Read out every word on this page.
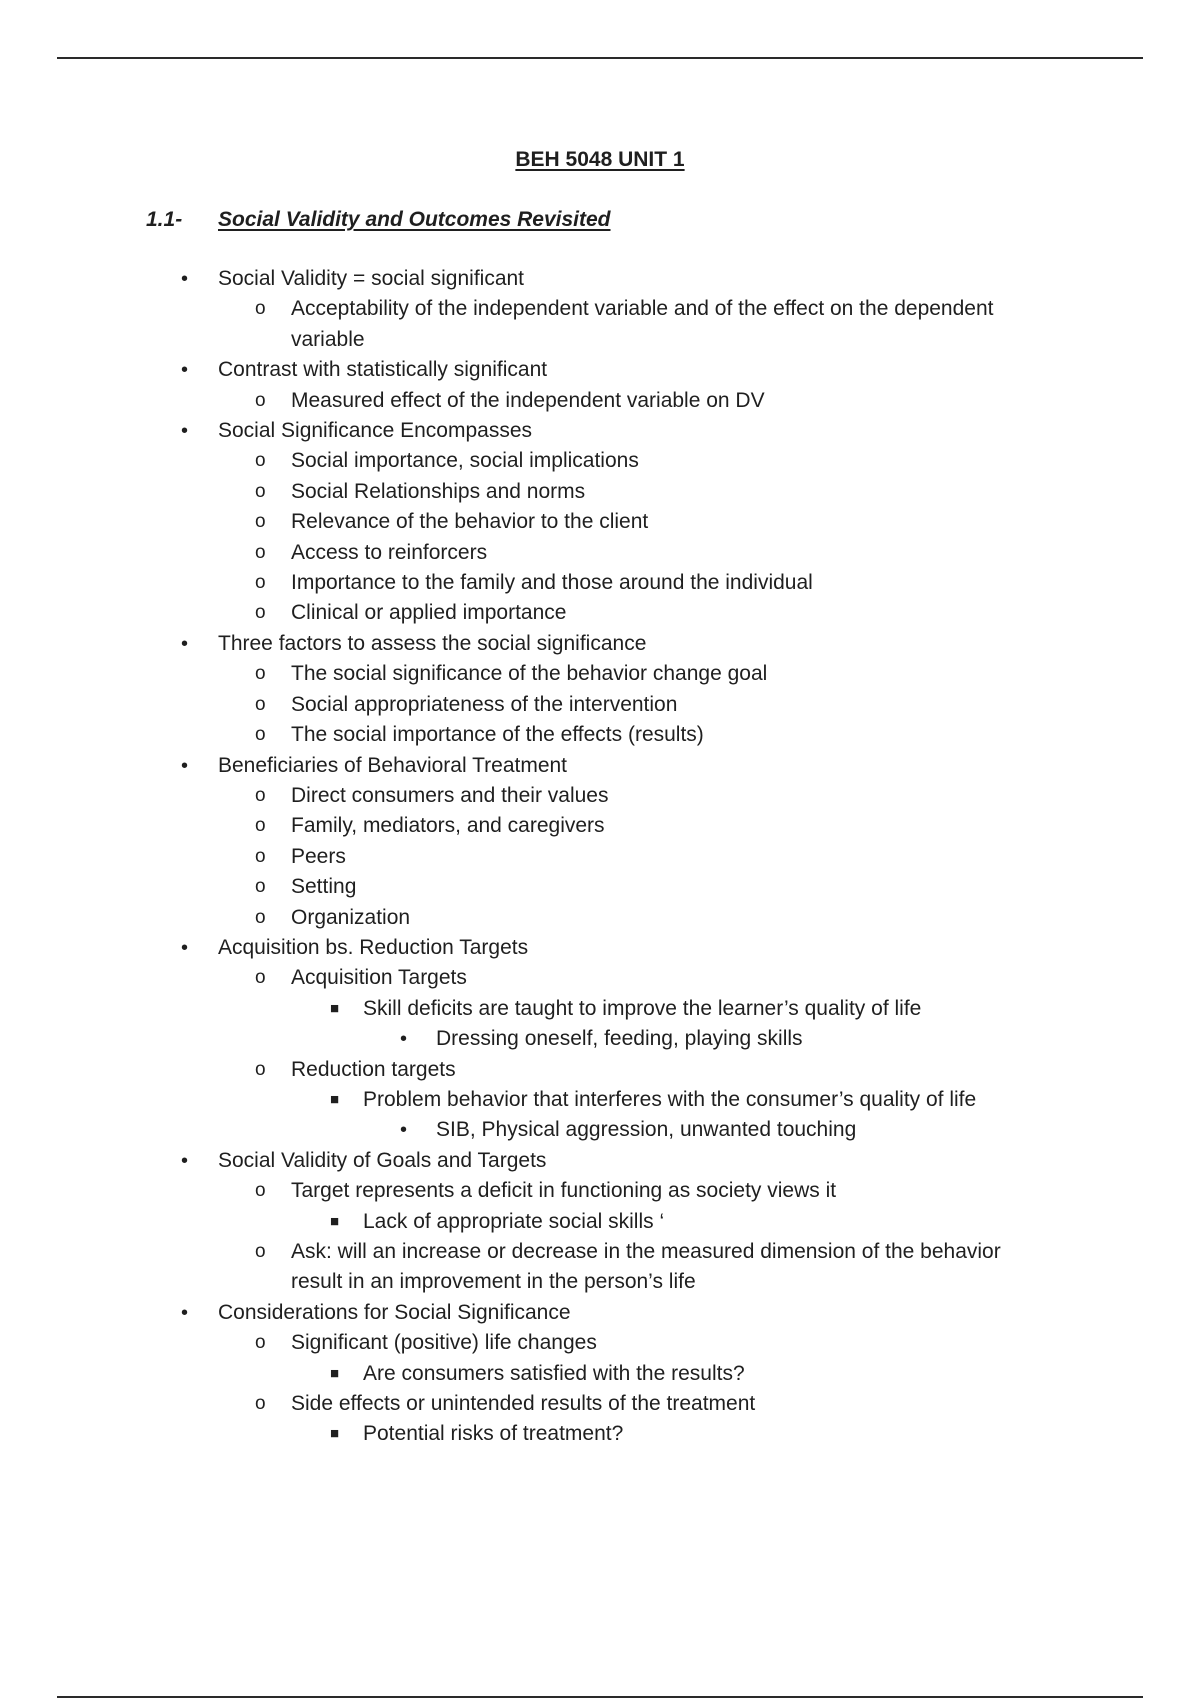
BEH 5048 UNIT 1
1.1- Social Validity and Outcomes Revisited
• Social Validity = social significant
o Acceptability of the independent variable and of the effect on the dependent variable
• Contrast with statistically significant
o Measured effect of the independent variable on DV
• Social Significance Encompasses
o Social importance, social implications
o Social Relationships and norms
o Relevance of the behavior to the client
o Access to reinforcers
o Importance to the family and those around the individual
o Clinical or applied importance
• Three factors to assess the social significance
o The social significance of the behavior change goal
o Social appropriateness of the intervention
o The social importance of the effects (results)
• Beneficiaries of Behavioral Treatment
o Direct consumers and their values
o Family, mediators, and caregivers
o Peers
o Setting
o Organization
• Acquisition bs. Reduction Targets
o Acquisition Targets
■ Skill deficits are taught to improve the learner’s quality of life
• Dressing oneself, feeding, playing skills
o Reduction targets
■ Problem behavior that interferes with the consumer’s quality of life
• SIB, Physical aggression, unwanted touching
• Social Validity of Goals and Targets
o Target represents a deficit in functioning as society views it
■ Lack of appropriate social skills ‘
o Ask: will an increase or decrease in the measured dimension of the behavior result in an improvement in the person’s life
• Considerations for Social Significance
o Significant (positive) life changes
■ Are consumers satisfied with the results?
o Side effects or unintended results of the treatment
■ Potential risks of treatment?
